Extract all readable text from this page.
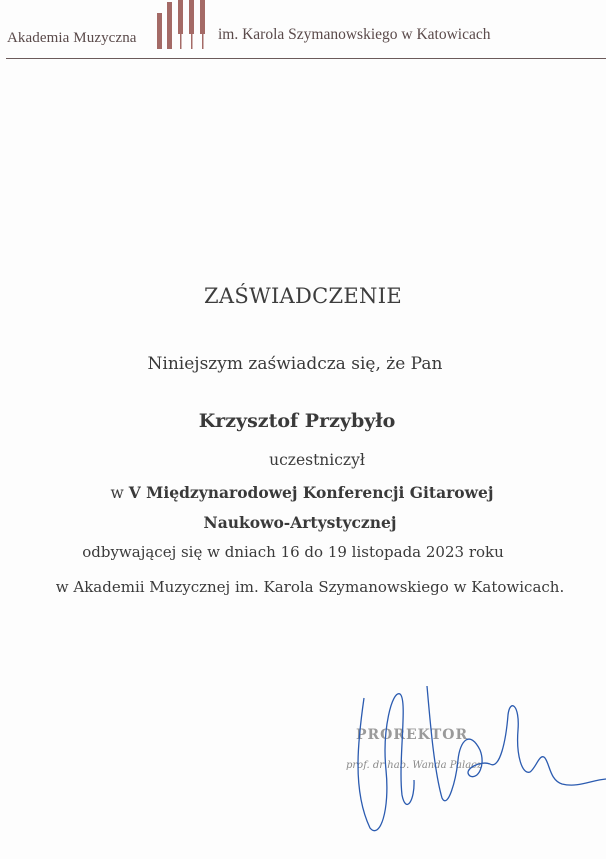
Akademia Muzyczna	im. Karola Szymanowskiego w Katowicach
ZAŚWIADCZENIE
Niniejszym zaświadcza się, że Pan
Krzysztof Przybyło
uczestniczył
w V Międzynarodowej Konferencji Gitarowej
Naukowo-Artystycznej
odbywającej się w dniach 16 do 19 listopada 2023 roku
w Akademii Muzycznej im. Karola Szymanowskiego w Katowicach.
PROREKTOR
prof. dr hab. Wanda Palacz
